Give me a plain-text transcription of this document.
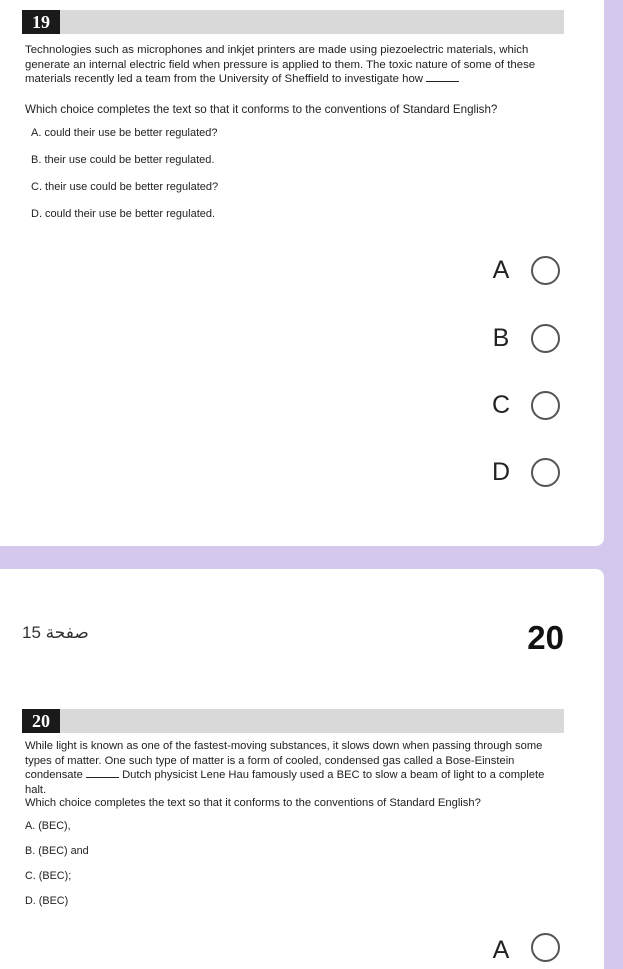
19
Technologies such as microphones and inkjet printers are made using piezoelectric materials, which generate an internal electric field when pressure is applied to them. The toxic nature of some of these materials recently led a team from the University of Sheffield to investigate how
Which choice completes the text so that it conforms to the conventions of Standard English?
A. could their use be better regulated?
B. their use could be better regulated.
C. their use could be better regulated?
D. could their use be better regulated.
A
B
C
D
صفحة 15	20
20
While light is known as one of the fastest-moving substances, it slows down when passing through some types of matter. One such type of matter is a form of cooled, condensed gas called a Bose-Einstein condensate	Dutch physicist Lene Hau famously used a BEC to slow a beam of light to a complete halt.
Which choice completes the text so that it conforms to the conventions of Standard English?
A. (BEC),
B. (BEC) and
C. (BEC);
D. (BEC)
A
